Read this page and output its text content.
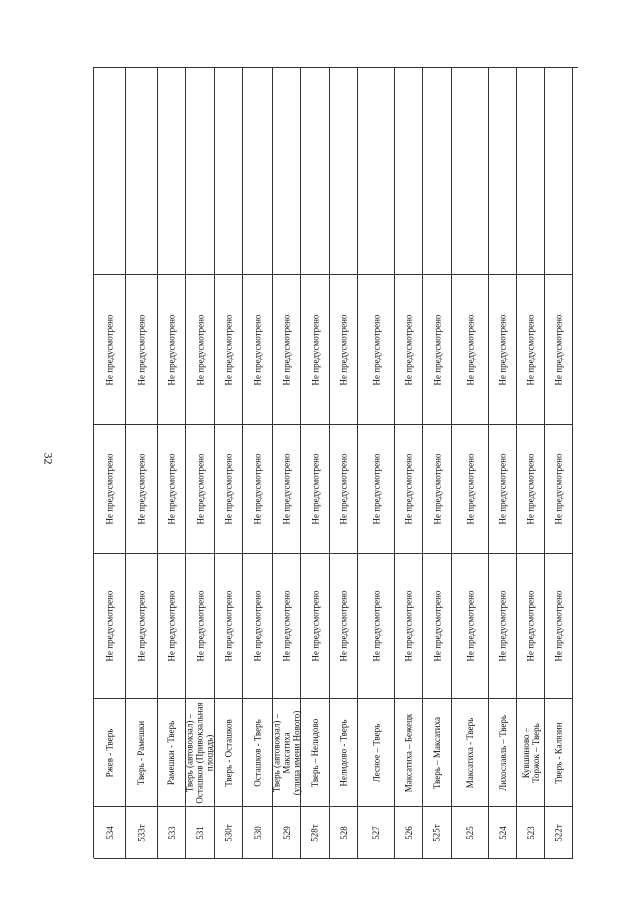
32
Не предусмотрено
Не предусмотрено
Не предусмотрено
Тверь - Калязин
522т
Не предусмотрено
Не предусмотрено
Не предусмотрено
Кувшиново –
Торжок – Тверь
523
Не предусмотрено
Не предусмотрено
Не предусмотрено
Лихославль – Тверь
524
Не предусмотрено
Не предусмотрено
Не предусмотрено
Максатиха - Тверь
525
Не предусмотрено
Не предусмотрено
Не предусмотрено
Тверь – Максатиха
525т
Не предусмотрено
Не предусмотрено
Не предусмотрено
Максатиха – Бежецк
526
Не предусмотрено
Не предусмотрено
Не предусмотрено
Лесное – Тверь
527
Не предусмотрено
Не предусмотрено
Не предусмотрено
Нелидово - Тверь
528
Не предусмотрено
Не предусмотрено
Не предусмотрено
Тверь – Нелидово
528т
Не предусмотрено
Не предусмотрено
Не предусмотрено
Тверь (автовокзал) –
Максатиха
(улица имени Нового)
529
Не предусмотрено
Не предусмотрено
Не предусмотрено
Осташков - Тверь
530
Не предусмотрено
Не предусмотрено
Не предусмотрено
Тверь - Осташков
530т
Не предусмотрено
Не предусмотрено
Не предусмотрено
Тверь (автовокзал) –
Осташков (Привокзальная
площадь)
531
Не предусмотрено
Не предусмотрено
Не предусмотрено
Рамешки - Тверь
533
Не предусмотрено
Не предусмотрено
Не предусмотрено
Тверь - Рамешки
533т
Не предусмотрено
Не предусмотрено
Не предусмотрено
Ржев - Тверь
534
